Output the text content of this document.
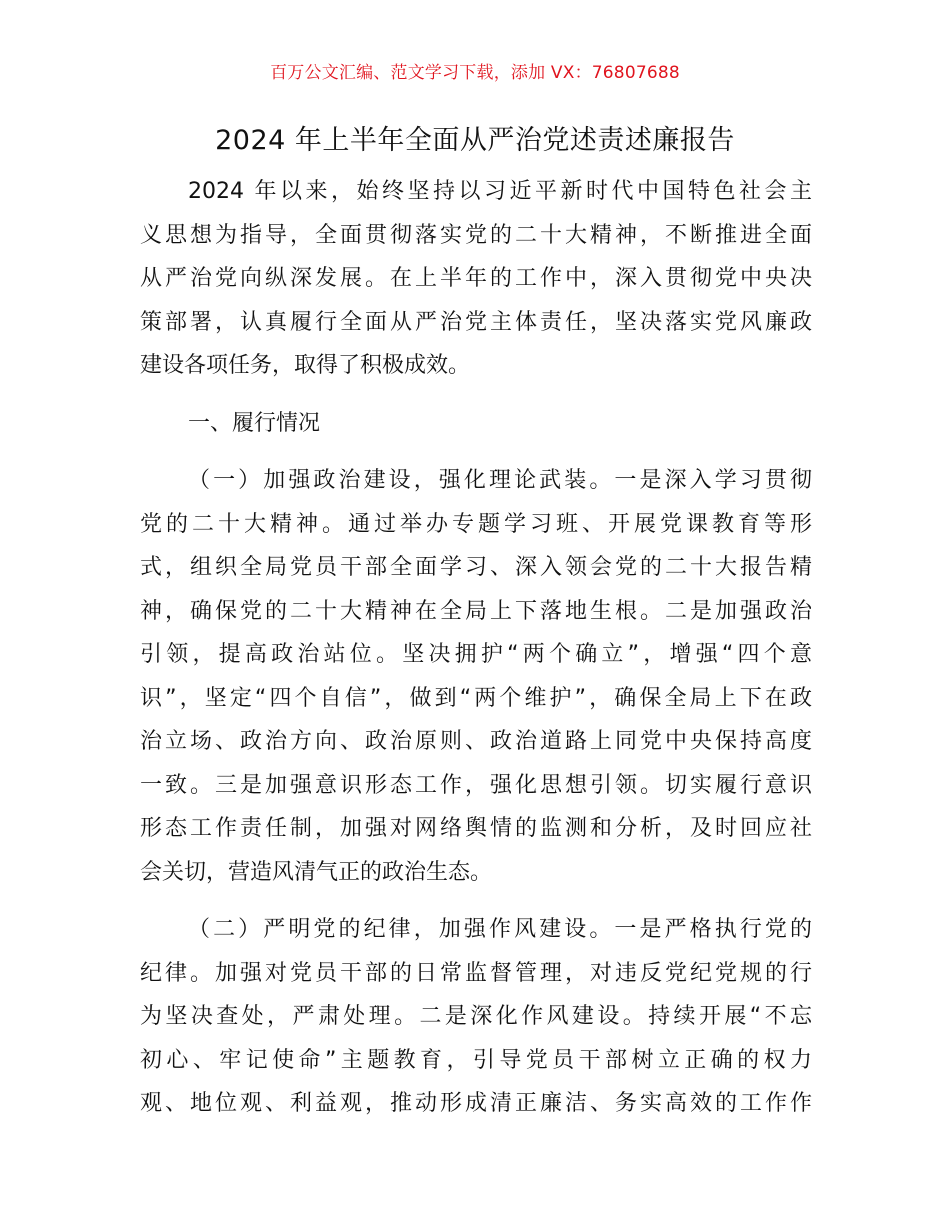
百万公文汇编、范文学习下载，添加 VX：76807688
2024 年上半年全面从严治党述责述廉报告
2024 年以来，始终坚持以习近平新时代中国特色社会主
义思想为指导，全面贯彻落实党的二十大精神，不断推进全面
从严治党向纵深发展。在上半年的工作中，深入贯彻党中央决
策部署，认真履行全面从严治党主体责任，坚决落实党风廉政
建设各项任务，取得了积极成效。
一、履行情况
（一）加强政治建设，强化理论武装。一是深入学习贯彻
党的二十大精神。通过举办专题学习班、开展党课教育等形
式，组织全局党员干部全面学习、深入领会党的二十大报告精
神，确保党的二十大精神在全局上下落地生根。二是加强政治
引领，提高政治站位。坚决拥护“两个确立”，增强“四个意
识”，坚定“四个自信”，做到“两个维护”，确保全局上下在政
治立场、政治方向、政治原则、政治道路上同党中央保持高度
一致。三是加强意识形态工作，强化思想引领。切实履行意识
形态工作责任制，加强对网络舆情的监测和分析，及时回应社
会关切，营造风清气正的政治生态。
（二）严明党的纪律，加强作风建设。一是严格执行党的
纪律。加强对党员干部的日常监督管理，对违反党纪党规的行
为坚决查处，严肃处理。二是深化作风建设。持续开展“不忘
初心、牢记使命”主题教育，引导党员干部树立正确的权力
观、地位观、利益观，推动形成清正廉洁、务实高效的工作作
